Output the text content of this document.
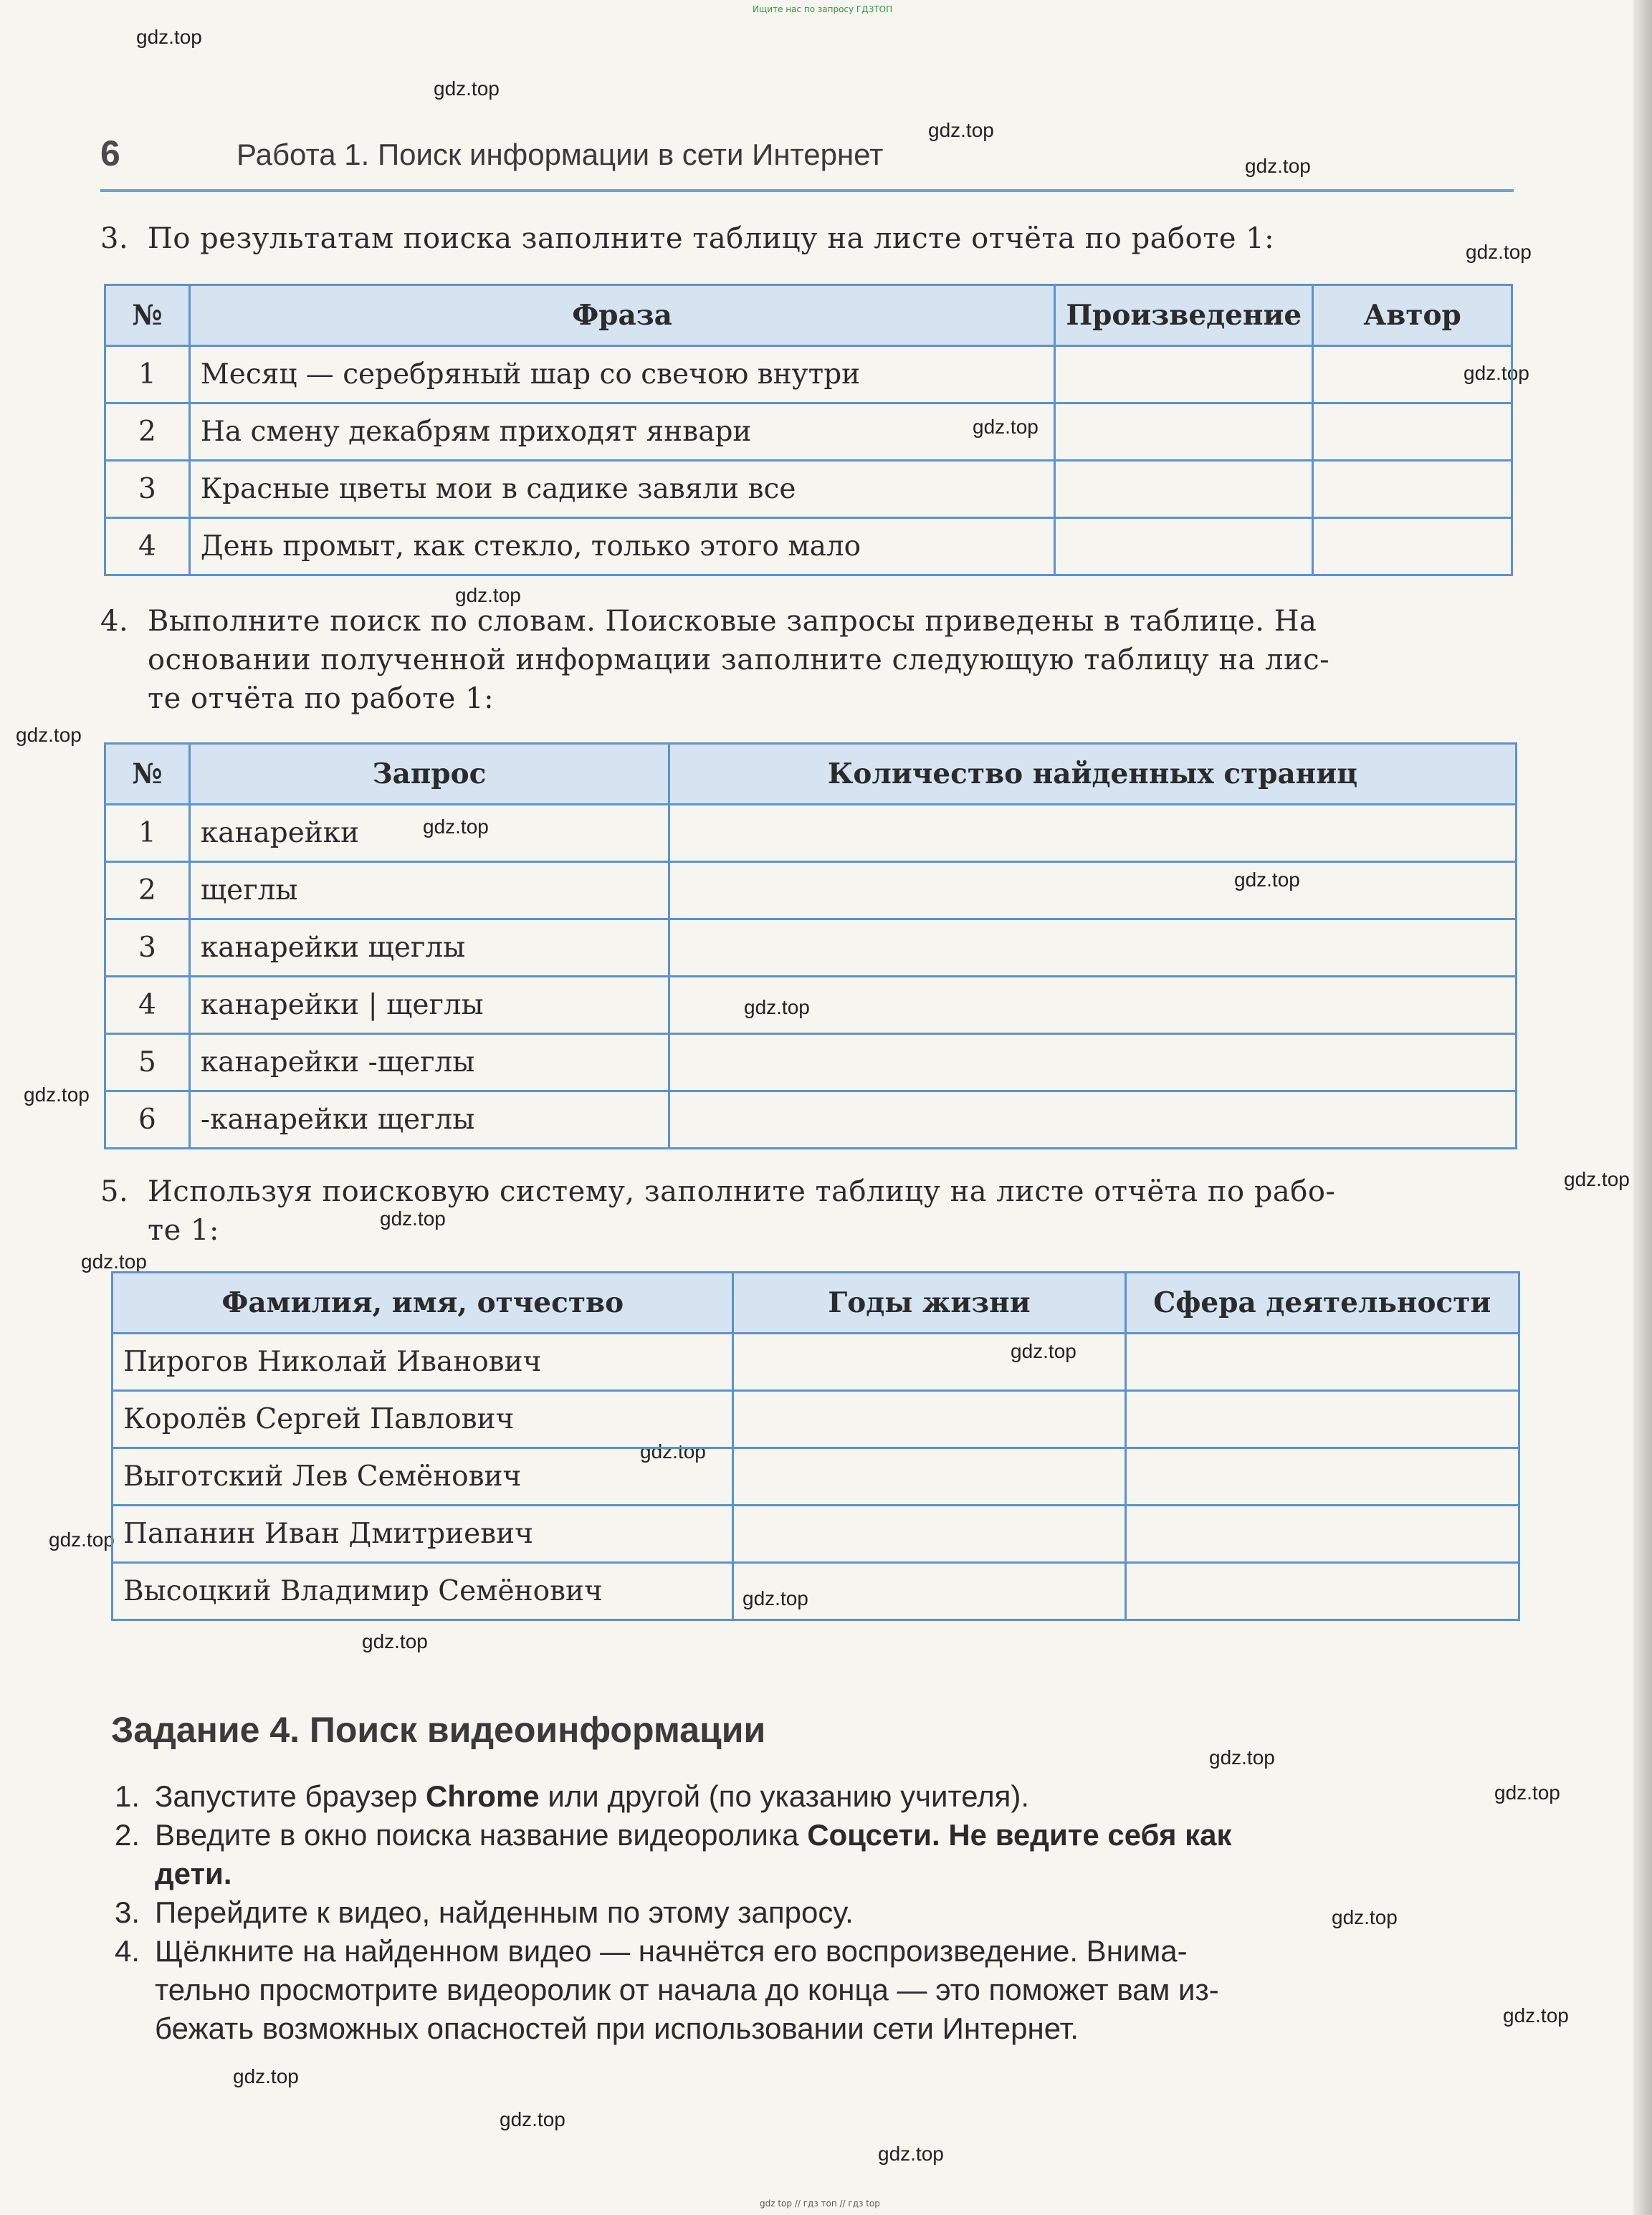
Ищите нас по запросу ГДЗТОП
gdz.top
gdz.top
gdz.top
gdz.top
gdz.top
gdz.top
gdz.top
gdz.top
gdz.top
gdz.top
gdz.top
gdz.top
gdz.top
gdz.top
gdz.top
gdz.top
gdz.top
gdz.top
gdz.top
gdz.top
gdz.top
gdz.top
gdz.top
gdz.top
gdz.top
gdz.top
gdz.top
gdz.top
6	Работа 1. Поиск информации в сети Интернет
3. По результатам поиска заполните таблицу на листе отчёта по работе 1:
№	Фраза	Произведение	Автор
1	Месяц — серебряный шар со свечою внутри		
2	На смену декабрям приходят январи		
3	Красные цветы мои в садике завяли все		
4	День промыт, как стекло, только этого мало		
4. Выполните поиск по словам. Поисковые запросы приведены в таблице. На
основании полученной информации заполните следующую таблицу на лис-
те отчёта по работе 1:
№	Запрос	Количество найденных страниц
1	канарейки	
2	щеглы	
3	канарейки щеглы	
4	канарейки | щеглы	
5	канарейки -щеглы	
6	-канарейки щеглы	
5. Используя поисковую систему, заполните таблицу на листе отчёта по рабо-
те 1:
Фамилия, имя, отчество	Годы жизни	Сфера деятельности
Пирогов Николай Иванович		
Королёв Сергей Павлович		
Выготский Лев Семёнович		
Папанин Иван Дмитриевич		
Высоцкий Владимир Семёнович		
Задание 4. Поиск видеоинформации
1. Запустите браузер Chrome или другой (по указанию учителя).
2. Введите в окно поиска название видеоролика Соцсети. Не ведите себя как
дети.
3. Перейдите к видео, найденным по этому запросу.
4. Щёлкните на найденном видео — начнётся его воспроизведение. Внима-
тельно просмотрите видеоролик от начала до конца — это поможет вам из-
бежать возможных опасностей при использовании сети Интернет.
gdz top // гдз топ // гдз top
